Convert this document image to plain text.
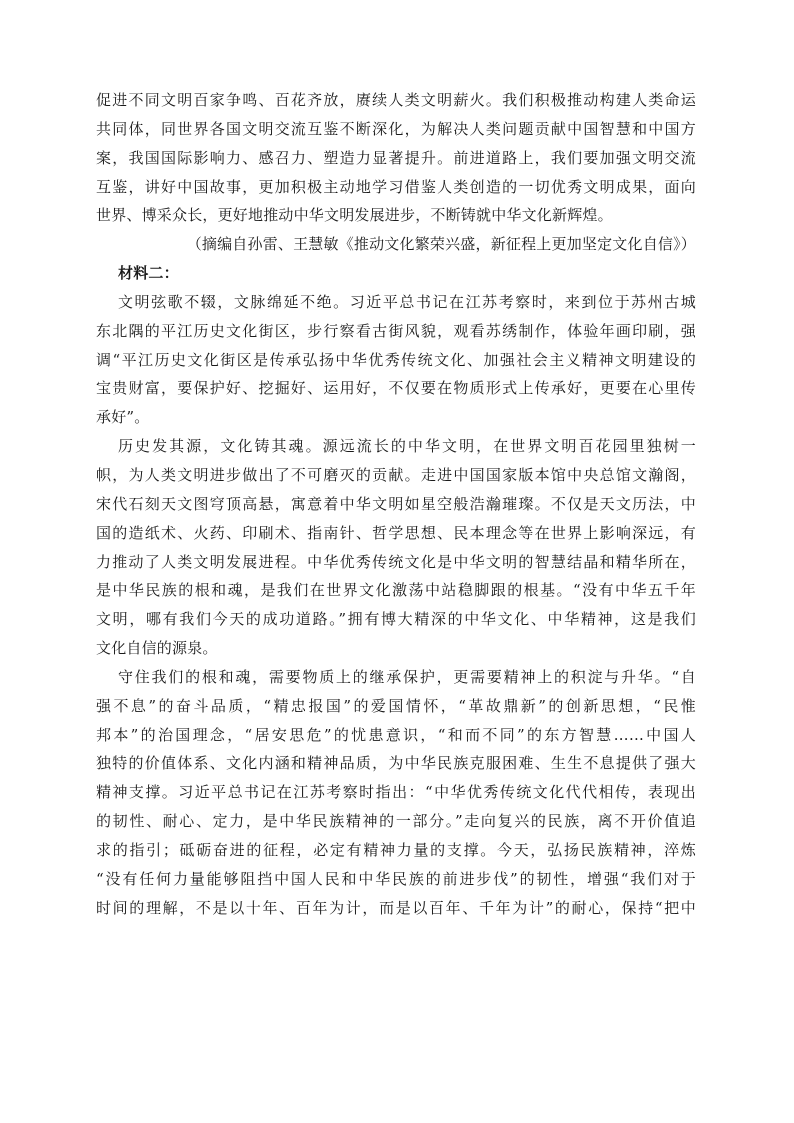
促进不同文明百家争鸣、百花齐放，赓续人类文明薪火。我们积极推动构建人类命运
共同体，同世界各国文明交流互鉴不断深化，为解决人类问题贡献中国智慧和中国方
案，我国国际影响力、感召力、塑造力显著提升。前进道路上，我们要加强文明交流
互鉴，讲好中国故事，更加积极主动地学习借鉴人类创造的一切优秀文明成果，面向
世界、博采众长，更好地推动中华文明发展进步，不断铸就中华文化新辉煌。
（摘编自孙雷、王慧敏《推动文化繁荣兴盛，新征程上更加坚定文化自信》）
材料二：
文明弦歌不辍，文脉绵延不绝。习近平总书记在江苏考察时，来到位于苏州古城
东北隅的平江历史文化街区，步行察看古街风貌，观看苏绣制作，体验年画印刷，强
调“平江历史文化街区是传承弘扬中华优秀传统文化、加强社会主义精神文明建设的
宝贵财富，要保护好、挖掘好、运用好，不仅要在物质形式上传承好，更要在心里传
承好”。
历史发其源，文化铸其魂。源远流长的中华文明，在世界文明百花园里独树一
帜，为人类文明进步做出了不可磨灭的贡献。走进中国国家版本馆中央总馆文瀚阁，
宋代石刻天文图穹顶高悬，寓意着中华文明如星空般浩瀚璀璨。不仅是天文历法，中
国的造纸术、火药、印刷术、指南针、哲学思想、民本理念等在世界上影响深远，有
力推动了人类文明发展进程。中华优秀传统文化是中华文明的智慧结晶和精华所在，
是中华民族的根和魂，是我们在世界文化激荡中站稳脚跟的根基。“没有中华五千年
文明，哪有我们今天的成功道路。”拥有博大精深的中华文化、中华精神，这是我们
文化自信的源泉。
守住我们的根和魂，需要物质上的继承保护，更需要精神上的积淀与升华。“自
强不息”的奋斗品质，“精忠报国”的爱国情怀，“革故鼎新”的创新思想，“民惟
邦本”的治国理念，“居安思危”的忧患意识，“和而不同”的东方智慧……中国人
独特的价值体系、文化内涵和精神品质，为中华民族克服困难、生生不息提供了强大
精神支撑。习近平总书记在江苏考察时指出：“中华优秀传统文化代代相传，表现出
的韧性、耐心、定力，是中华民族精神的一部分。”走向复兴的民族，离不开价值追
求的指引；砥砺奋进的征程，必定有精神力量的支撑。今天，弘扬民族精神，淬炼
“没有任何力量能够阻挡中国人民和中华民族的前进步伐”的韧性，增强“我们对于
时间的理解，不是以十年、百年为计，而是以百年、千年为计”的耐心，保持“把中
